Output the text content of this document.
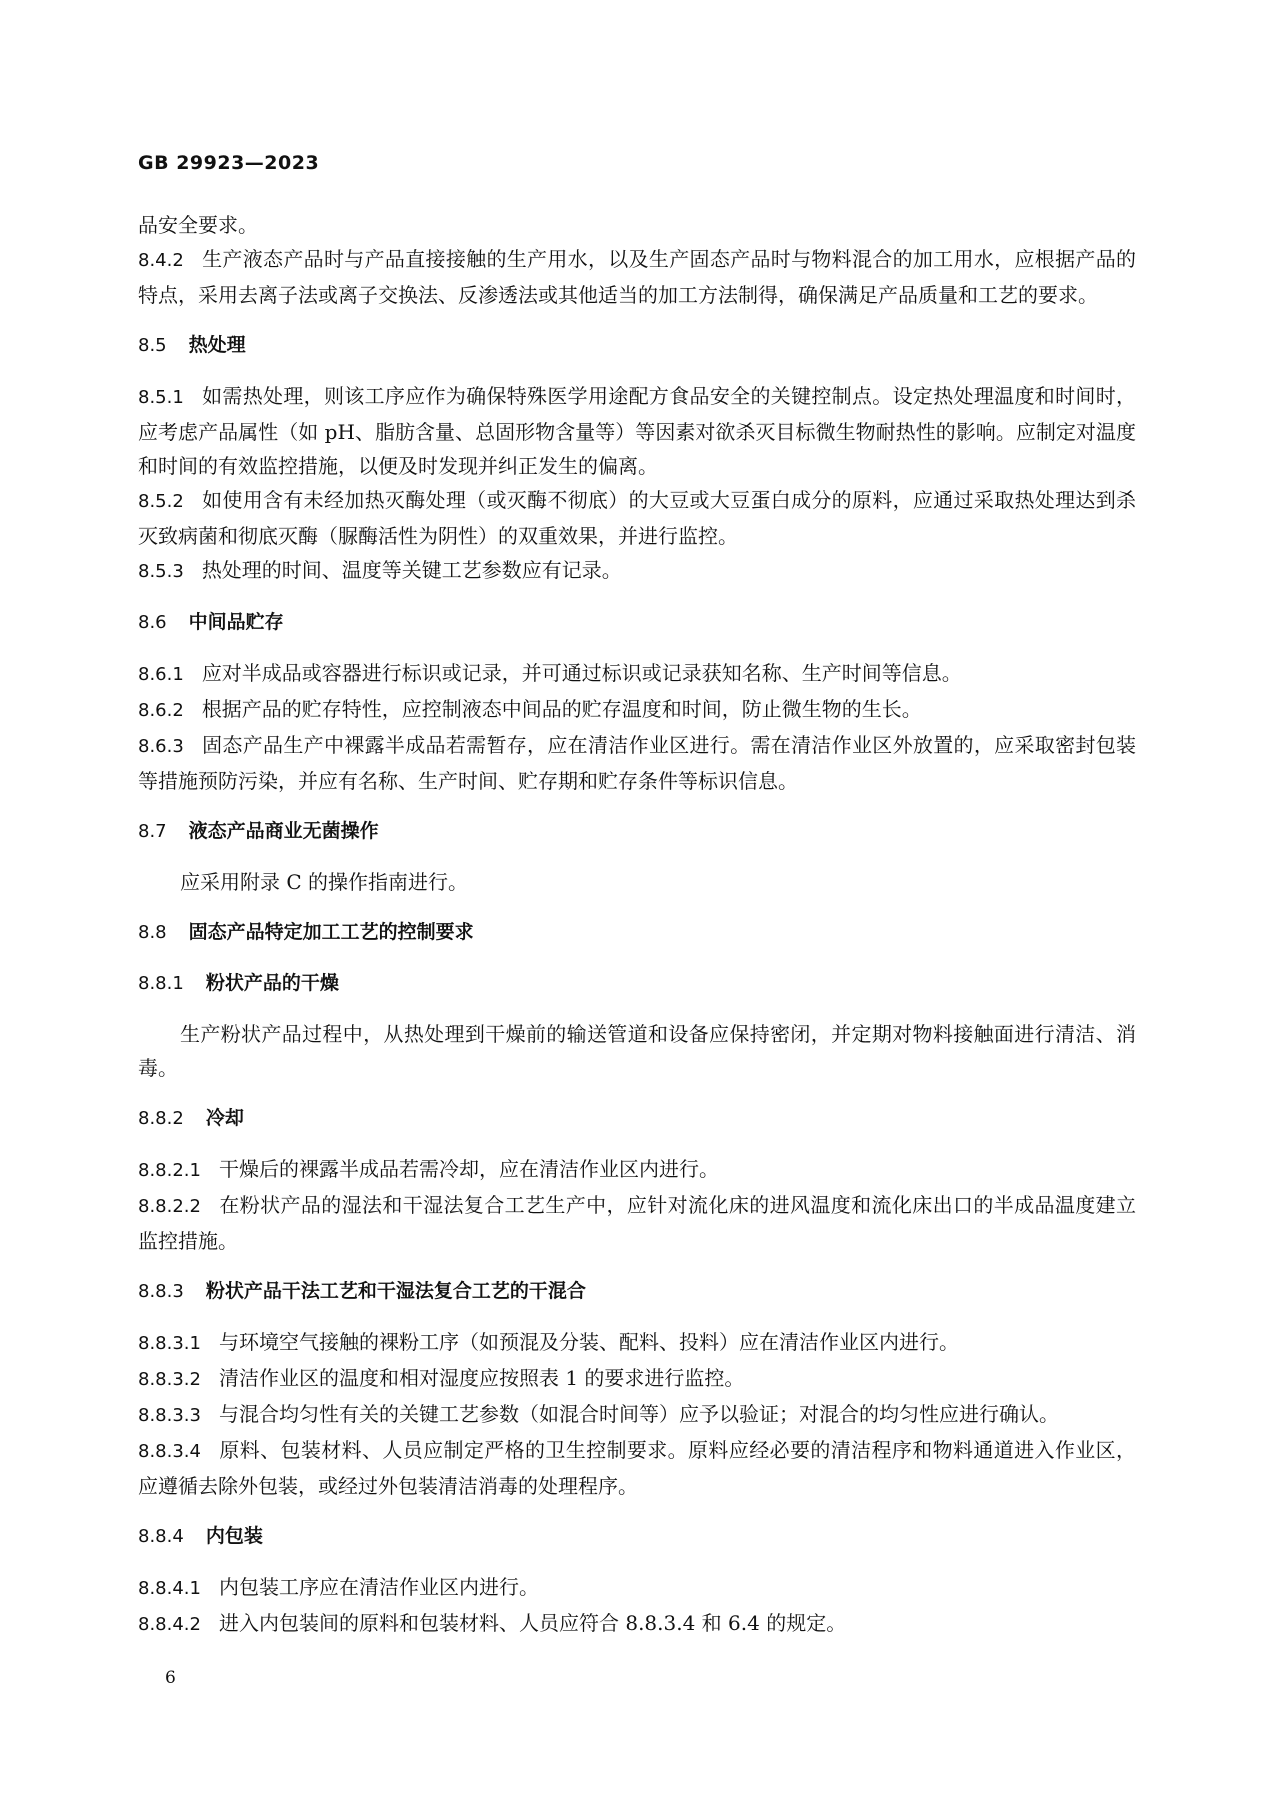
GB 29923—2023
品安全要求。
8.4.2 生产液态产品时与产品直接接触的生产用水，以及生产固态产品时与物料混合的加工用水，应根据产品的特点，采用去离子法或离子交换法、反渗透法或其他适当的加工方法制得，确保满足产品质量和工艺的要求。
8.5 热处理
8.5.1 如需热处理，则该工序应作为确保特殊医学用途配方食品安全的关键控制点。设定热处理温度和时间时，应考虑产品属性（如 pH、脂肪含量、总固形物含量等）等因素对欲杀灭目标微生物耐热性的影响。应制定对温度和时间的有效监控措施，以便及时发现并纠正发生的偏离。
8.5.2 如使用含有未经加热灭酶处理（或灭酶不彻底）的大豆或大豆蛋白成分的原料，应通过采取热处理达到杀灭致病菌和彻底灭酶（脲酶活性为阴性）的双重效果，并进行监控。
8.5.3 热处理的时间、温度等关键工艺参数应有记录。
8.6 中间品贮存
8.6.1 应对半成品或容器进行标识或记录，并可通过标识或记录获知名称、生产时间等信息。
8.6.2 根据产品的贮存特性，应控制液态中间品的贮存温度和时间，防止微生物的生长。
8.6.3 固态产品生产中裸露半成品若需暂存，应在清洁作业区进行。需在清洁作业区外放置的，应采取密封包装等措施预防污染，并应有名称、生产时间、贮存期和贮存条件等标识信息。
8.7 液态产品商业无菌操作
应采用附录 C 的操作指南进行。
8.8 固态产品特定加工工艺的控制要求
8.8.1 粉状产品的干燥
生产粉状产品过程中，从热处理到干燥前的输送管道和设备应保持密闭，并定期对物料接触面进行清洁、消毒。
8.8.2 冷却
8.8.2.1 干燥后的裸露半成品若需冷却，应在清洁作业区内进行。
8.8.2.2 在粉状产品的湿法和干湿法复合工艺生产中，应针对流化床的进风温度和流化床出口的半成品温度建立监控措施。
8.8.3 粉状产品干法工艺和干湿法复合工艺的干混合
8.8.3.1 与环境空气接触的裸粉工序（如预混及分装、配料、投料）应在清洁作业区内进行。
8.8.3.2 清洁作业区的温度和相对湿度应按照表 1 的要求进行监控。
8.8.3.3 与混合均匀性有关的关键工艺参数（如混合时间等）应予以验证；对混合的均匀性应进行确认。
8.8.3.4 原料、包装材料、人员应制定严格的卫生控制要求。原料应经必要的清洁程序和物料通道进入作业区，应遵循去除外包装，或经过外包装清洁消毒的处理程序。
8.8.4 内包装
8.8.4.1 内包装工序应在清洁作业区内进行。
8.8.4.2 进入内包装间的原料和包装材料、人员应符合 8.8.3.4 和 6.4 的规定。
6
